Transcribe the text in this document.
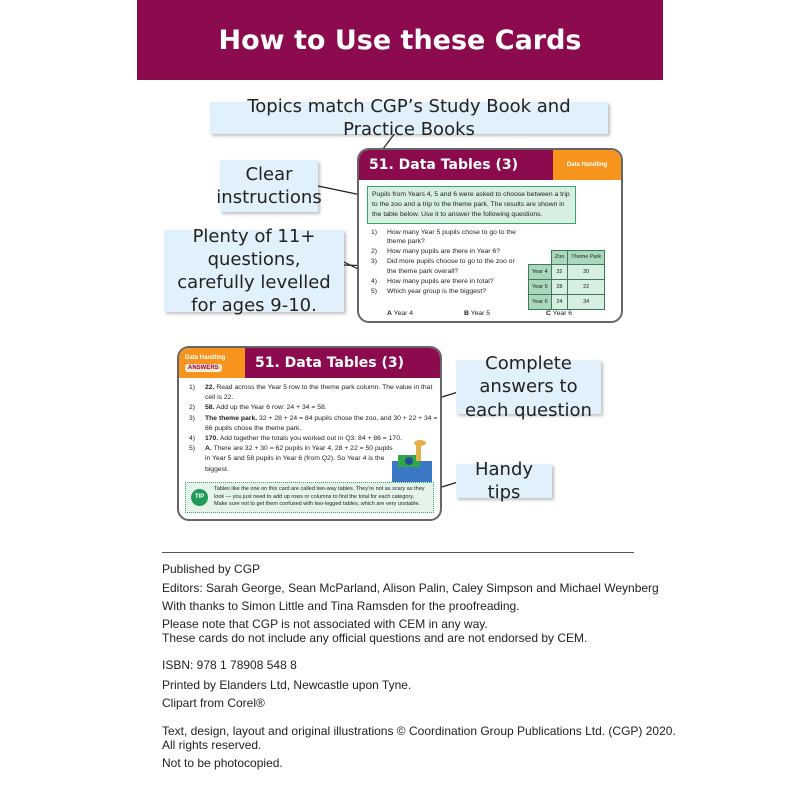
How to Use these Cards
Topics match CGP’s Study Book and Practice Books
Clear instructions
Plenty of 11+ questions, carefully levelled for ages 9-10.
Complete answers to each question
Handy tips
51. Data Tables (3)	Data Handling
Pupils from Years 4, 5 and 6 were asked to choose between a trip to the zoo and a trip to the theme park. The results are shown in the table below. Use it to answer the following questions.
1)	How many Year 5 pupils chose to go to the theme park?
2)	How many pupils are there in Year 6?
3)	Did more pupils choose to go to the zoo or the theme park overall?
4)	How many pupils are there in total?
5)	Which year group is the biggest?
	Zoo	Theme Park
Year 4	32	30
Year 5	28	22
Year 6	24	34
A Year 4	B Year 5	C Year 6
Data Handling
ANSWERS	51. Data Tables (3)
1)	22. Read across the Year 5 row to the theme park column. The value in that cell is 22.
2)	58. Add up the Year 6 row: 24 + 34 = 58.
3)	The theme park. 32 + 28 + 24 = 84 pupils chose the zoo, and 30 + 22 + 34 = 86 pupils chose the theme park.
4)	170. Add together the totals you worked out in Q3: 84 + 86 = 170.
5)	A. There are 32 + 30 = 62 pupils in Year 4, 28 + 22 = 50 pupils in Year 5 and 58 pupils in Year 6 (from Q2). So Year 4 is the biggest.
TIP
Tables like the one on this card are called two-way tables. They’re not as scary as they look — you just need to add up rows or columns to find the total for each category. Make sure not to get them confused with two-legged tables, which are very unstable.
Published by CGP
Editors: Sarah George, Sean McParland, Alison Palin, Caley Simpson and Michael Weynberg
With thanks to Simon Little and Tina Ramsden for the proofreading.
Please note that CGP is not associated with CEM in any way.
These cards do not include any official questions and are not endorsed by CEM.
ISBN: 978 1 78908 548 8
Printed by Elanders Ltd, Newcastle upon Tyne.
Clipart from Corel®
Text, design, layout and original illustrations © Coordination Group Publications Ltd. (CGP) 2020.
All rights reserved.
Not to be photocopied.
